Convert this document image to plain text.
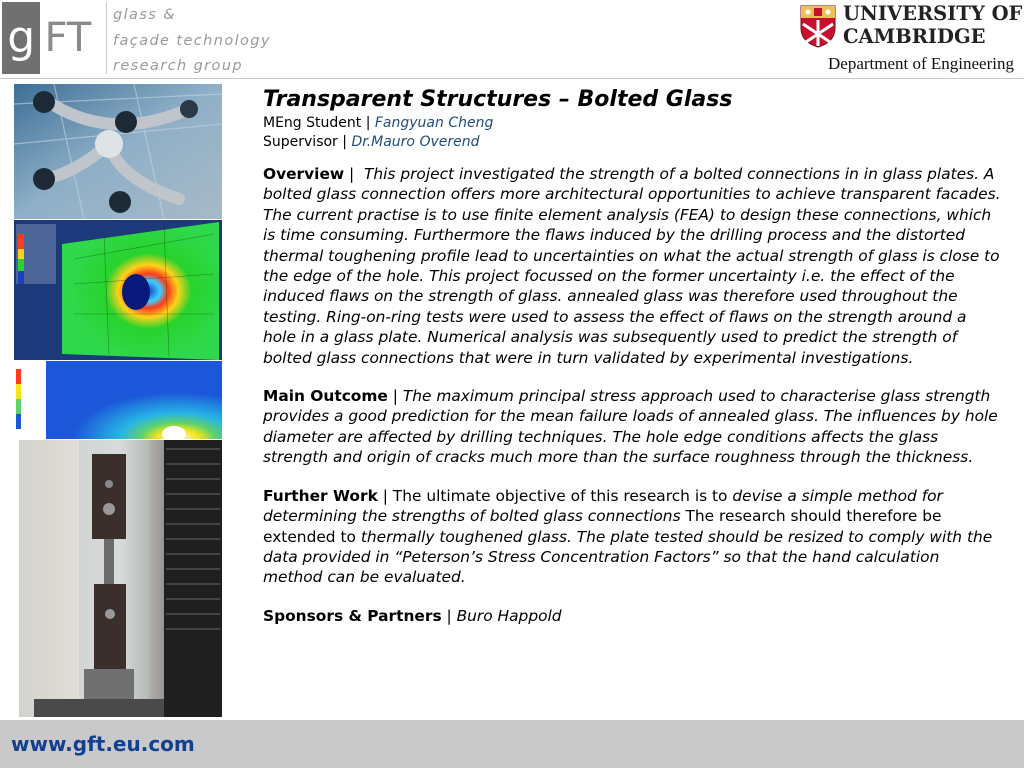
g FT	glass &
façade technology
research group
UNIVERSITY OF
CAMBRIDGE
Department of Engineering
Transparent Structures – Bolted Glass
MEng Student | Fangyuan Cheng
Supervisor | Dr.Mauro Overend
Overview |  This project investigated the strength of a bolted connections in in glass plates. A bolted glass connection offers more architectural opportunities to achieve transparent facades. The current practise is to use finite element analysis (FEA) to design these connections, which is time consuming. Furthermore the flaws induced by the drilling process and the distorted thermal toughening profile lead to uncertainties on what the actual strength of glass is close to the edge of the hole. This project focussed on the former uncertainty i.e. the effect of the induced flaws on the strength of glass. annealed glass was therefore used throughout the testing. Ring-on-ring tests were used to assess the effect of flaws on the strength around a hole in a glass plate. Numerical analysis was subsequently used to predict the strength of bolted glass connections that were in turn validated by experimental investigations.
Main Outcome | The maximum principal stress approach used to characterise glass strength provides a good prediction for the mean failure loads of annealed glass. The influences by hole diameter are affected by drilling techniques. The hole edge conditions affects the glass strength and origin of cracks much more than the surface roughness through the thickness.
Further Work | The ultimate objective of this research is to devise a simple method for determining the strengths of bolted glass connections The research should therefore be extended to thermally toughened glass. The plate tested should be resized to comply with the data provided in “Peterson’s Stress Concentration Factors” so that the hand calculation method can be evaluated.
Sponsors & Partners | Buro Happold
www.gft.eu.com
